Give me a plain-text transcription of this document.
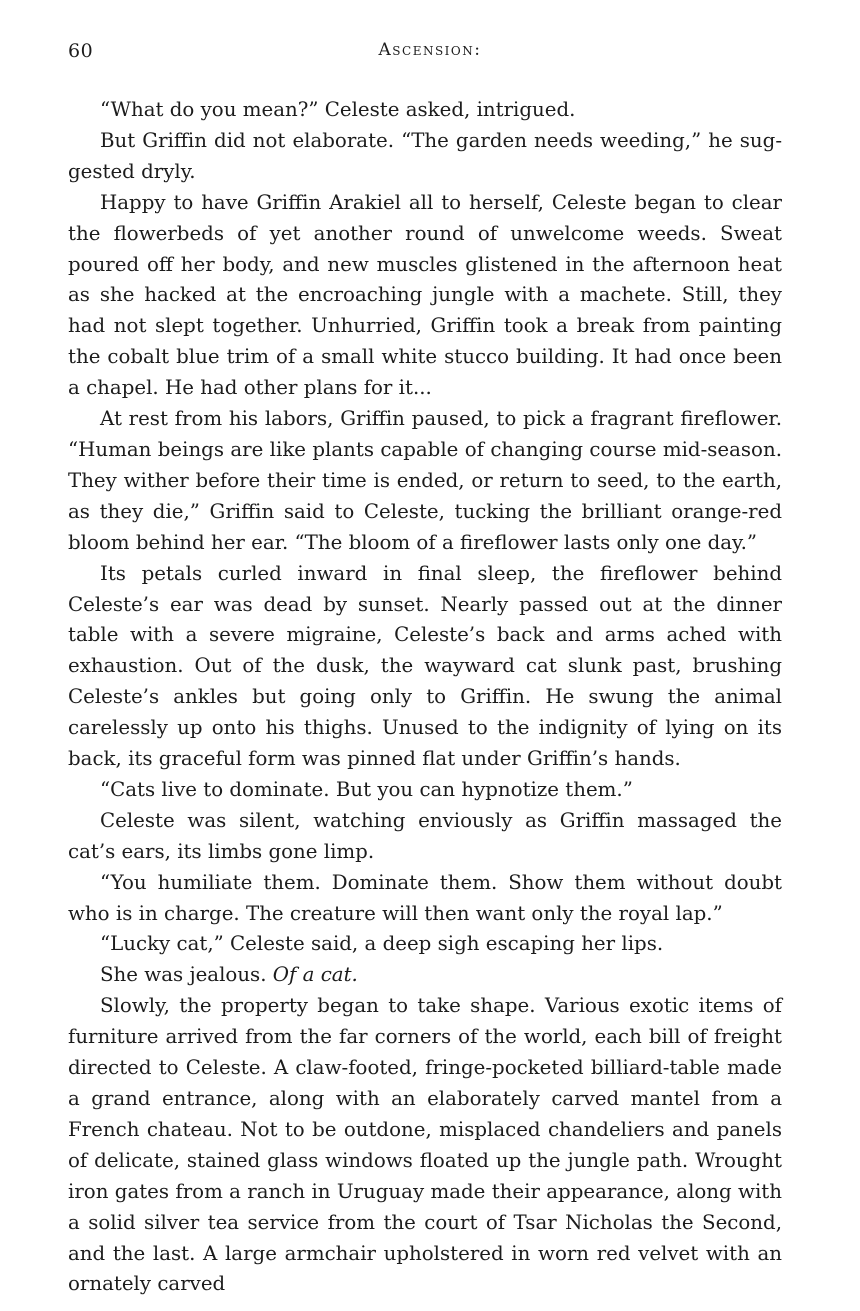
60	Ascension:

“What do you mean?” Celeste asked, intrigued.

But Griffin did not elaborate. “The garden needs weeding,” he suggested dryly.

Happy to have Griffin Arakiel all to herself, Celeste began to clear the flowerbeds of yet another round of unwelcome weeds. Sweat poured off her body, and new muscles glistened in the afternoon heat as she hacked at the encroaching jungle with a machete. Still, they had not slept together. Unhurried, Griffin took a break from painting the cobalt blue trim of a small white stucco building. It had once been a chapel. He had other plans for it...

At rest from his labors, Griffin paused, to pick a fragrant fireflower. “Human beings are like plants capable of changing course mid-season. They wither before their time is ended, or return to seed, to the earth, as they die,” Griffin said to Celeste, tucking the brilliant orange-red bloom behind her ear. “The bloom of a fireflower lasts only one day.”

Its petals curled inward in final sleep, the fireflower behind Celeste’s ear was dead by sunset. Nearly passed out at the dinner table with a severe migraine, Celeste’s back and arms ached with exhaustion. Out of the dusk, the wayward cat slunk past, brushing Celeste’s ankles but going only to Griffin. He swung the animal carelessly up onto his thighs. Unused to the indignity of lying on its back, its graceful form was pinned flat under Griffin’s hands.

“Cats live to dominate. But you can hypnotize them.”

Celeste was silent, watching enviously as Griffin massaged the cat’s ears, its limbs gone limp.

“You humiliate them. Dominate them. Show them without doubt who is in charge. The creature will then want only the royal lap.”

“Lucky cat,” Celeste said, a deep sigh escaping her lips.

She was jealous. Of a cat.

Slowly, the property began to take shape. Various exotic items of furniture arrived from the far corners of the world, each bill of freight directed to Celeste. A claw-footed, fringe-pocketed billiard-table made a grand entrance, along with an elaborately carved mantel from a French chateau. Not to be outdone, misplaced chandeliers and panels of delicate, stained glass windows floated up the jungle path. Wrought iron gates from a ranch in Uruguay made their appearance, along with a solid silver tea service from the court of Tsar Nicholas the Second, and the last. A large armchair upholstered in worn red velvet with an ornately carved
